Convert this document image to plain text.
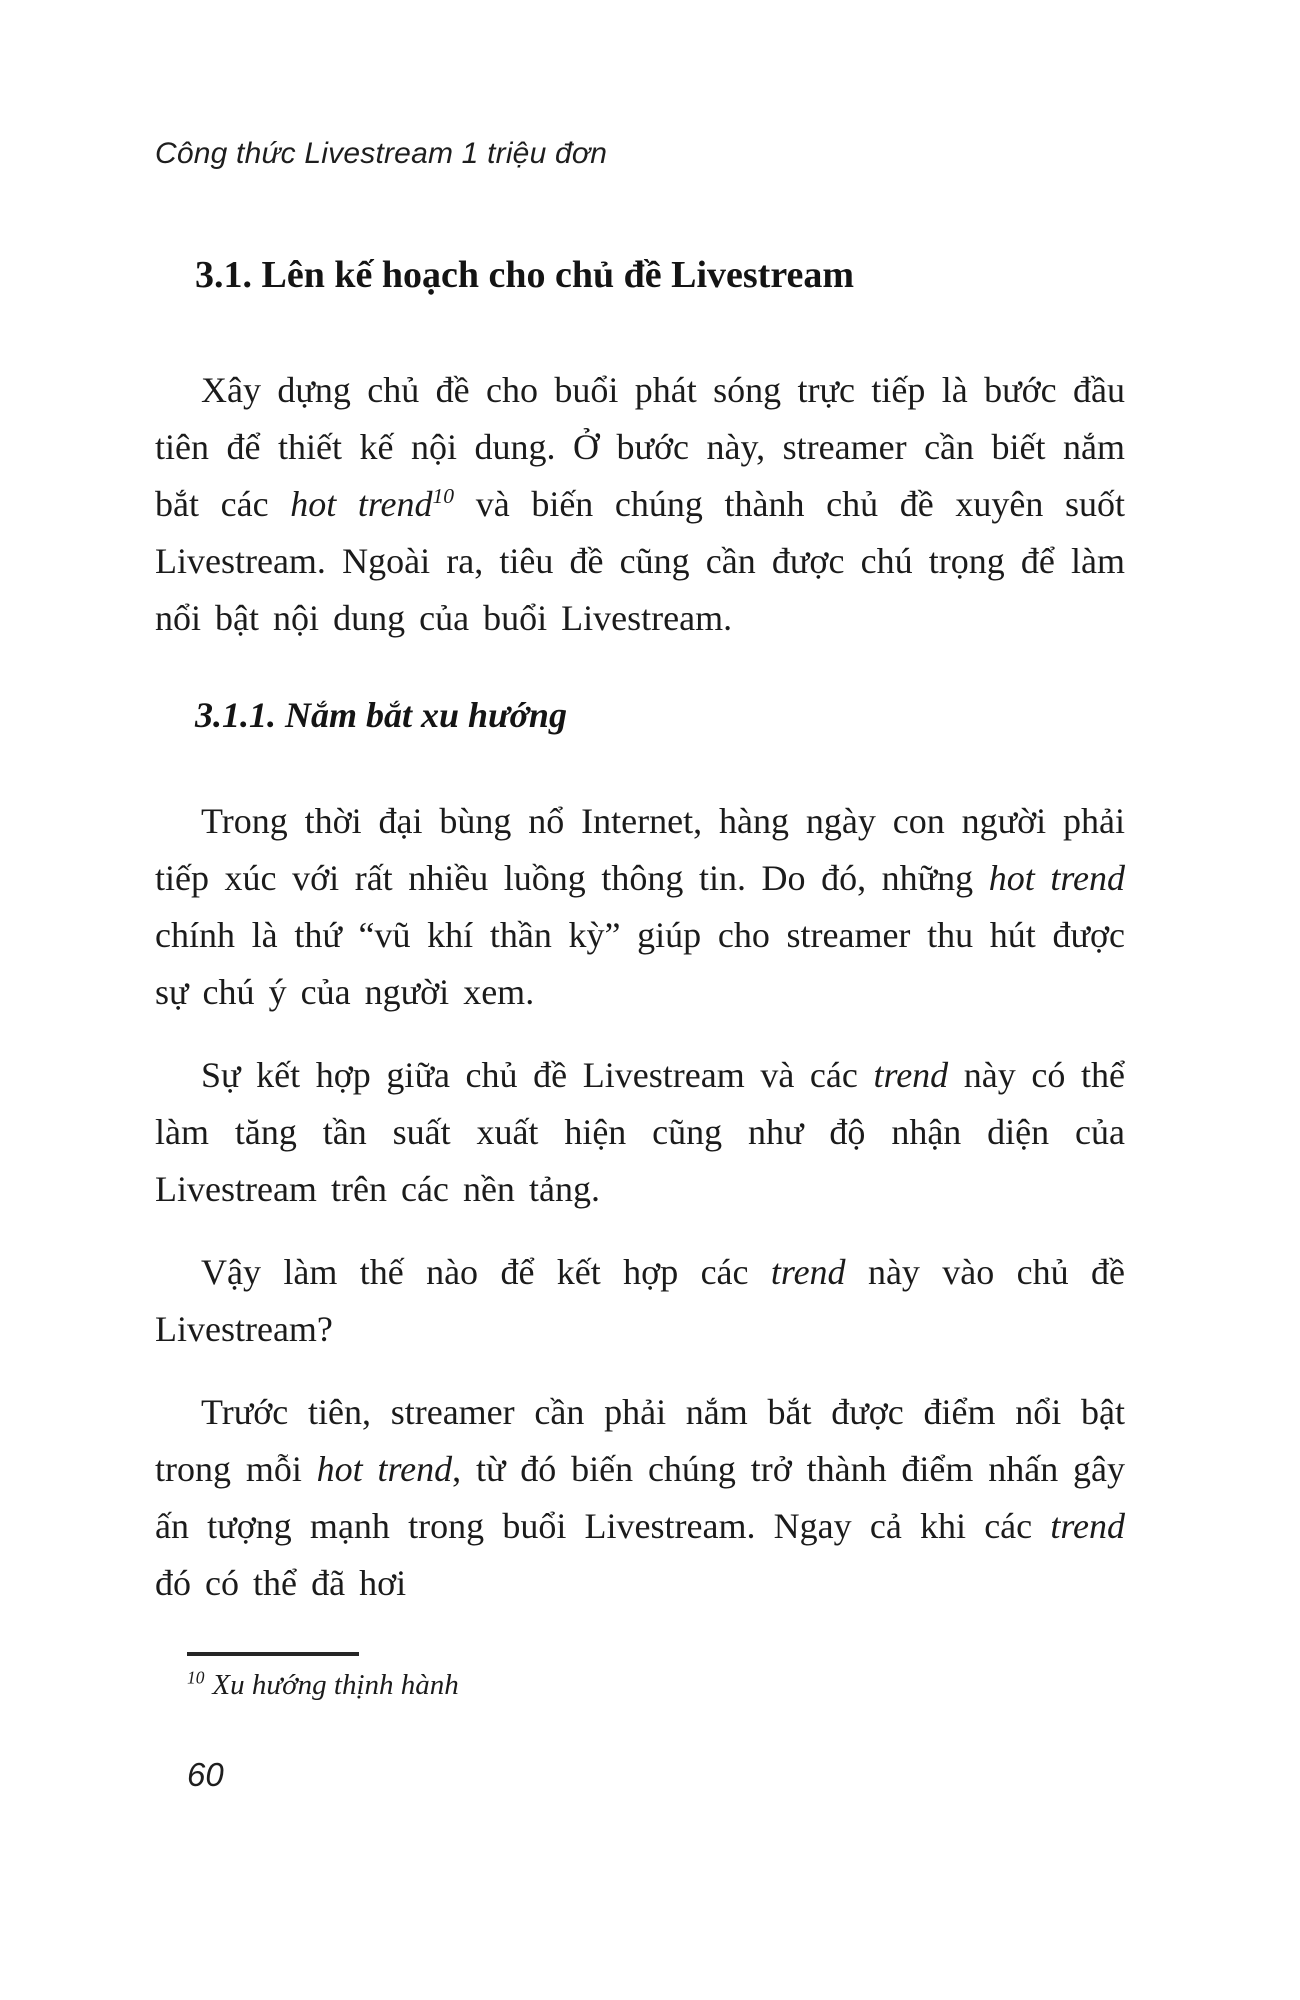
Công thức Livestream 1 triệu đơn
3.1. Lên kế hoạch cho chủ đề Livestream

Xây dựng chủ đề cho buổi phát sóng trực tiếp là bước đầu tiên để thiết kế nội dung. Ở bước này, streamer cần biết nắm bắt các hot trend$^{10}$ và biến chúng thành chủ đề xuyên suốt Livestream. Ngoài ra, tiêu đề cũng cần được chú trọng để làm nổi bật nội dung của buổi Livestream.

3.1.1. Nắm bắt xu hướng

Trong thời đại bùng nổ Internet, hàng ngày con người phải tiếp xúc với rất nhiều luồng thông tin. Do đó, những hot trend chính là thứ “vũ khí thần kỳ” giúp cho streamer thu hút được sự chú ý của người xem.

Sự kết hợp giữa chủ đề Livestream và các trend này có thể làm tăng tần suất xuất hiện cũng như độ nhận diện của Livestream trên các nền tảng.

Vậy làm thế nào để kết hợp các trend này vào chủ đề Livestream?

Trước tiên, streamer cần phải nắm bắt được điểm nổi bật trong mỗi hot trend, từ đó biến chúng trở thành điểm nhấn gây ấn tượng mạnh trong buổi Livestream. Ngay cả khi các trend đó có thể đã hơi

$^{10}$ Xu hướng thịnh hành
60
